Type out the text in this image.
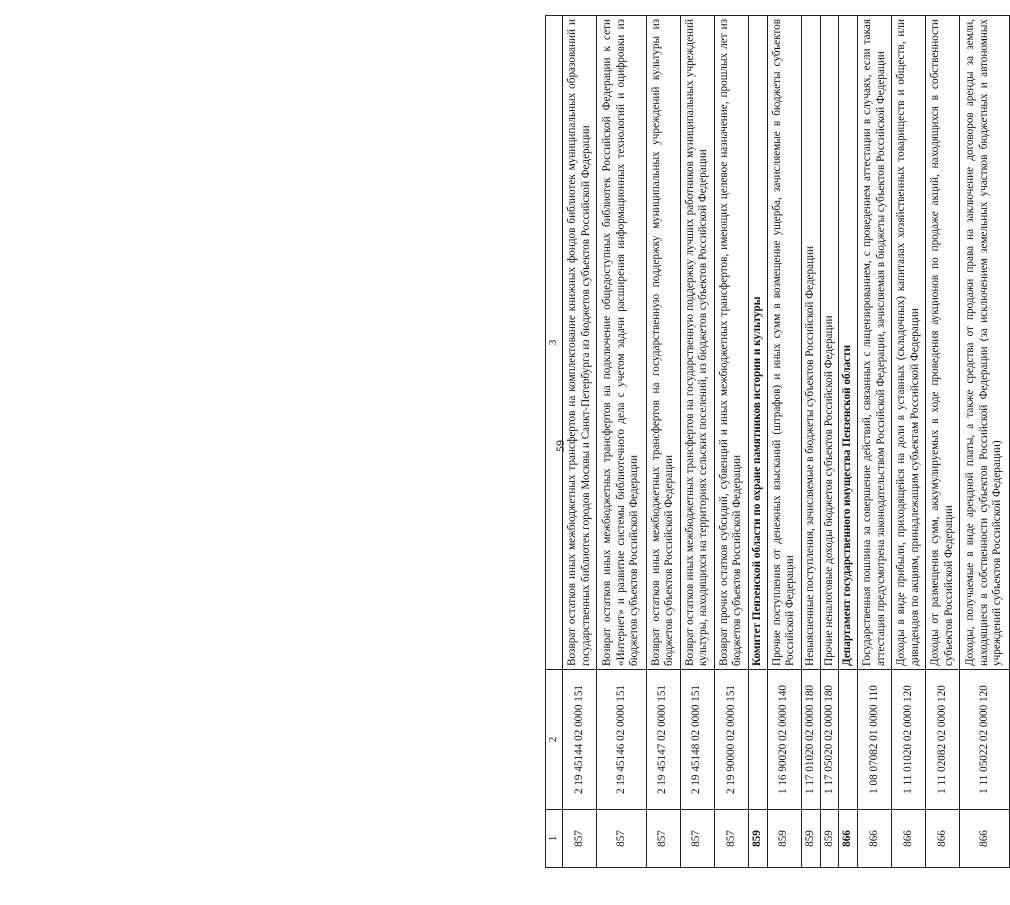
59
1	2	3
857	2 19 45144 02 0000 151	Возврат остатков иных межбюджетных трансфертов на комплектование книжных фондов библиотек муниципальных образований и государственных библиотек городов Москвы и Санкт-Петербурга из бюджетов субъектов Российской Федерации
857	2 19 45146 02 0000 151	Возврат остатков иных межбюджетных трансфертов на подключение общедоступных библиотек Российской Федерации к сети «Интернет» и развитие системы библиотечного дела с учетом задачи расширения информационных технологий и оцифровки из бюджетов субъектов Российской Федерации
857	2 19 45147 02 0000 151	Возврат остатков иных межбюджетных трансфертов на государственную поддержку муниципальных учреждений культуры из бюджетов субъектов Российской Федерации
857	2 19 45148 02 0000 151	Возврат остатков иных межбюджетных трансфертов на государственную поддержку лучших работников муниципальных учреждений культуры, находящихся на территориях сельских поселений, из бюджетов субъектов Российской Федерации
857	2 19 90000 02 0000 151	Возврат прочих остатков субсидий, субвенций и иных межбюджетных трансфертов, имеющих целевое назначение, прошлых лет из бюджетов субъектов Российской Федерации
859		Комитет Пензенской области по охране памятников истории и культуры
859	1 16 90020 02 0000 140	Прочие поступления от денежных взысканий (штрафов) и иных сумм в возмещение ущерба, зачисляемые в бюджеты субъектов Российской Федерации
859	1 17 01020 02 0000 180	Невыясненные поступления, зачисляемые в бюджеты субъектов Российской Федерации
859	1 17 05020 02 0000 180	Прочие неналоговые доходы бюджетов субъектов Российской Федерации
866		Департамент государственного имущества Пензенской области
866	1 08 07082 01 0000 110	Государственная пошлина за совершение действий, связанных с лицензированием, с проведением аттестации в случаях, если такая аттестация предусмотрена законодательством Российской Федерации, зачисляемая в бюджеты субъектов Российской Федерации
866	1 11 01020 02 0000 120	Доходы в виде прибыли, приходящейся на доли в уставных (складочных) капиталах хозяйственных товариществ и обществ, или дивидендов по акциям, принадлежащим субъектам Российской Федерации
866	1 11 02082 02 0000 120	Доходы от размещения сумм, аккумулируемых в ходе проведения аукционов по продаже акций, находящихся в собственности субъектов Российской Федерации
866	1 11 05022 02 0000 120	Доходы, получаемые в виде арендной платы, а также средства от продажи права на заключение договоров аренды за земли, находящиеся в собственности субъектов Российской Федерации (за исключением земельных участков бюджетных и автономных учреждений субъектов Российской Федерации)
